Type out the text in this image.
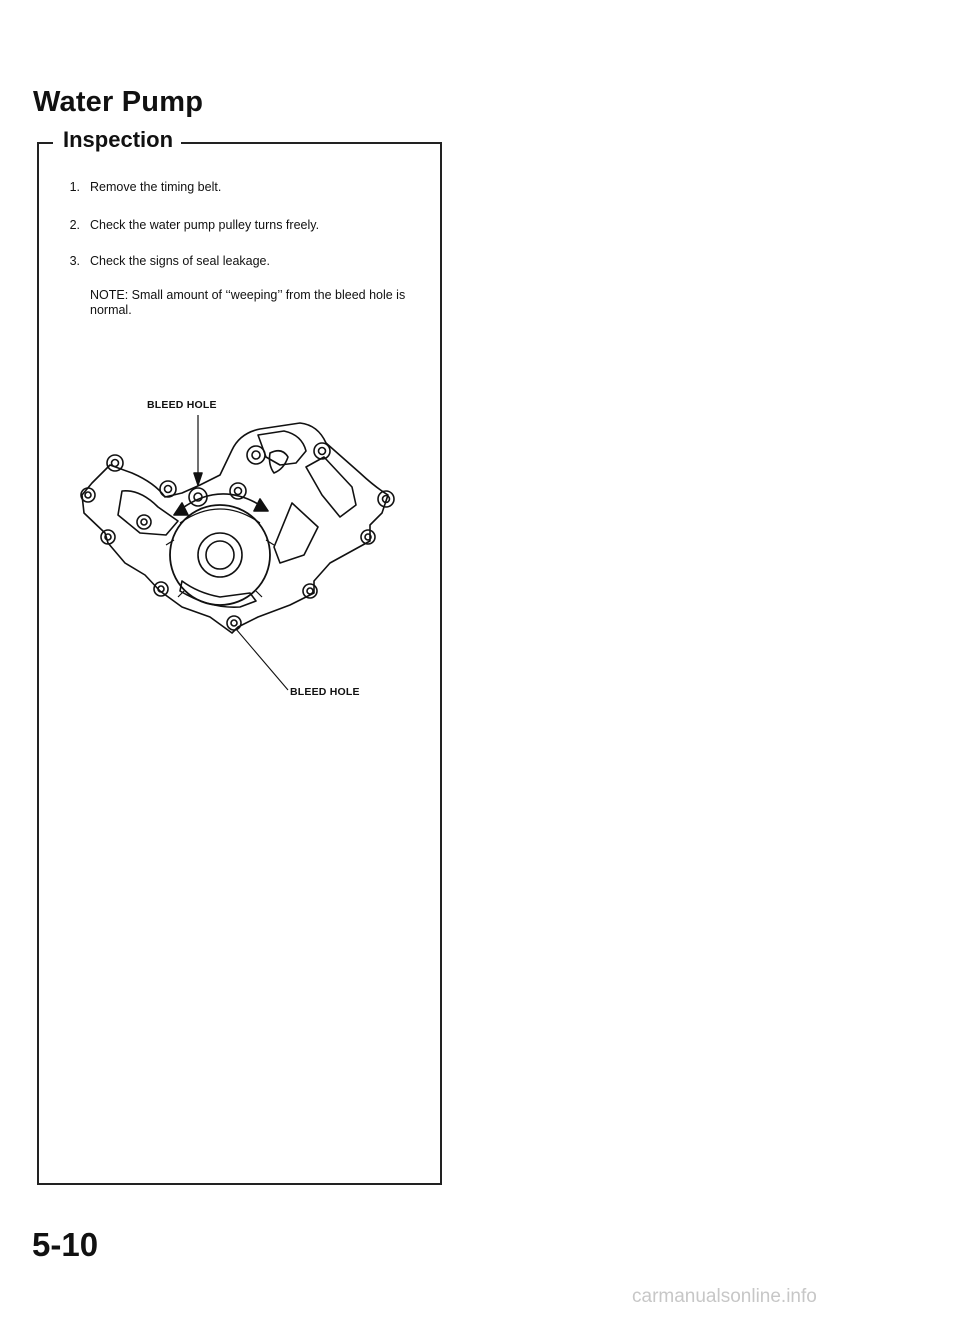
Water Pump
Inspection
1. Remove the timing belt.
2. Check the water pump pulley turns freely.
3. Check the signs of seal leakage.
NOTE: Small amount of ‘‘weeping’’ from the bleed hole is normal.
BLEED HOLE
BLEED HOLE
5-10
carmanualsonline.info
